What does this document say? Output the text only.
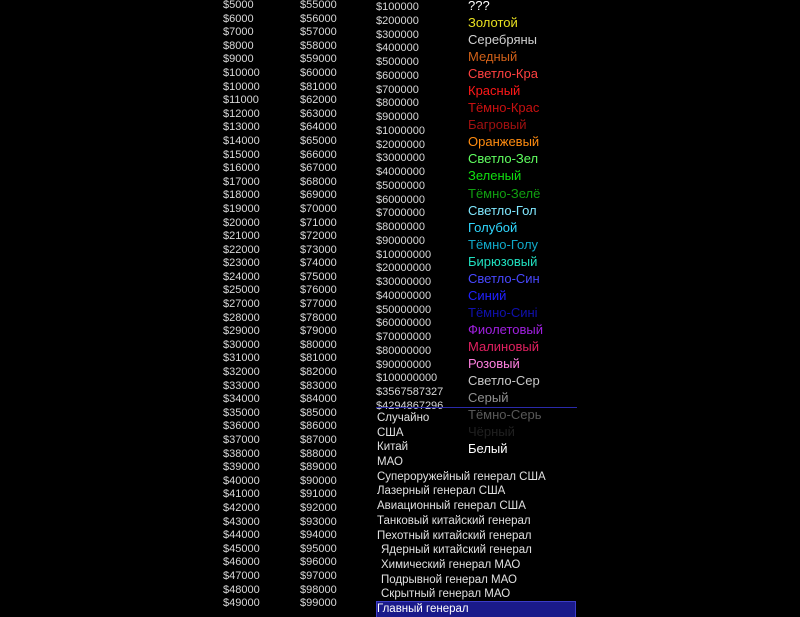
$5000
$6000
$7000
$8000
$9000
$10000
$10000
$11000
$12000
$13000
$14000
$15000
$16000
$17000
$18000
$19000
$20000
$21000
$22000
$23000
$24000
$25000
$27000
$28000
$29000
$30000
$31000
$32000
$33000
$34000
$35000
$36000
$37000
$38000
$39000
$40000
$41000
$42000
$43000
$44000
$45000
$46000
$47000
$48000
$49000
$55000
$56000
$57000
$58000
$59000
$60000
$81000
$62000
$63000
$64000
$65000
$66000
$67000
$68000
$69000
$70000
$71000
$72000
$73000
$74000
$75000
$76000
$77000
$78000
$79000
$80000
$81000
$82000
$83000
$84000
$85000
$86000
$87000
$88000
$89000
$90000
$91000
$92000
$93000
$94000
$95000
$96000
$97000
$98000
$99000
$100000
$200000
$300000
$400000
$500000
$600000
$700000
$800000
$900000
$1000000
$2000000
$3000000
$4000000
$5000000
$6000000
$7000000
$8000000
$9000000
$10000000
$20000000
$30000000
$40000000
$50000000
$60000000
$70000000
$80000000
$90000000
$100000000
$3567587327
$4294867296
???
Золотой
Серебряны
Медный
Светло-Кра
Красный
Тёмно-Крас
Багровый
Оранжевый
Светло-Зел
Зеленый
Тёмно-Зелё
Светло-Гол
Голубой
Тёмно-Голу
Бирюзовый
Светло-Син
Синий
Тёмно-Сині
Фиолетовый
Малиновый
Розовый
Светло-Сер
Серый
Тёмно-Серь
Чёрный
Белый
Случайно
США
Китай
МАО
Супероружейный генерал США
Лазерный генерал США
Авиационный генерал США
Танковый китайский генерал
Пехотный китайский генерал
Ядерный китайский генерал
Химический генерал МАО
Подрывной генерал МАО
Скрытный генерал МАО
Главный генерал
